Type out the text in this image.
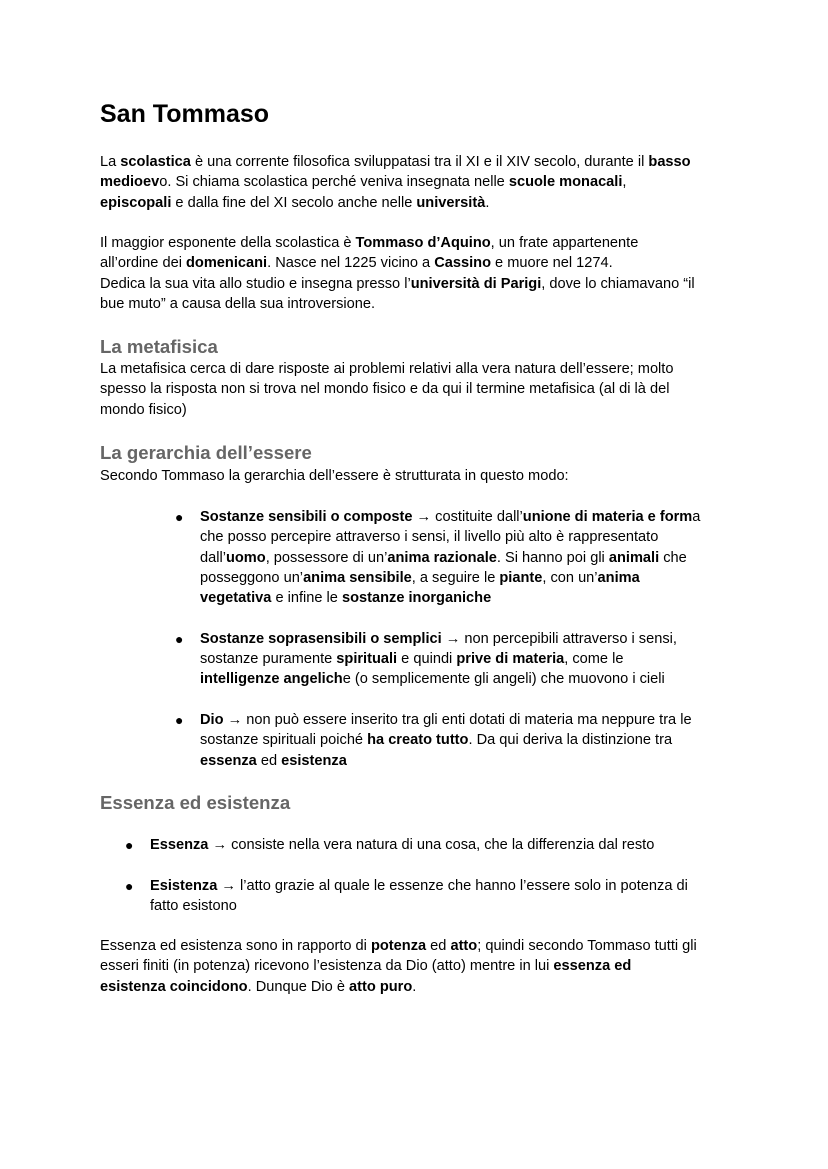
San Tommaso

La scolastica è una corrente filosofica sviluppatasi tra il XI e il XIV secolo, durante il basso
medioevo. Si chiama scolastica perché veniva insegnata nelle scuole monacali,
episcopali e dalla fine del XI secolo anche nelle università.

Il maggior esponente della scolastica è Tommaso d’Aquino, un frate appartenente
all’ordine dei domenicani. Nasce nel 1225 vicino a Cassino e muore nel 1274.
Dedica la sua vita allo studio e insegna presso l’università di Parigi, dove lo chiamavano “il
bue muto” a causa della sua introversione.

La metafisica

La metafisica cerca di dare risposte ai problemi relativi alla vera natura dell’essere; molto
spesso la risposta non si trova nel mondo fisico e da qui il termine metafisica (al di là del
mondo fisico)

La gerarchia dell’essere

Secondo Tommaso la gerarchia dell’essere è strutturata in questo modo:

● Sostanze sensibili o composte → costituite dall’unione di materia e forma
che posso percepire attraverso i sensi, il livello più alto è rappresentato
dall’uomo, possessore di un’anima razionale. Si hanno poi gli animali che
posseggono un’anima sensibile, a seguire le piante, con un’anima
vegetativa e infine le sostanze inorganiche
● Sostanze soprasensibili o semplici → non percepibili attraverso i sensi,
sostanze puramente spirituali e quindi prive di materia, come le
intelligenze angeliche (o semplicemente gli angeli) che muovono i cieli
● Dio → non può essere inserito tra gli enti dotati di materia ma neppure tra le
sostanze spirituali poiché ha creato tutto. Da qui deriva la distinzione tra
essenza ed esistenza
Essenza ed esistenza
● Essenza → consiste nella vera natura di una cosa, che la differenzia dal resto
● Esistenza → l’atto grazie al quale le essenze che hanno l’essere solo in potenza di
fatto esistono

Essenza ed esistenza sono in rapporto di potenza ed atto; quindi secondo Tommaso tutti gli
esseri finiti (in potenza) ricevono l’esistenza da Dio (atto) mentre in lui essenza ed
esistenza coincidono. Dunque Dio è atto puro.
